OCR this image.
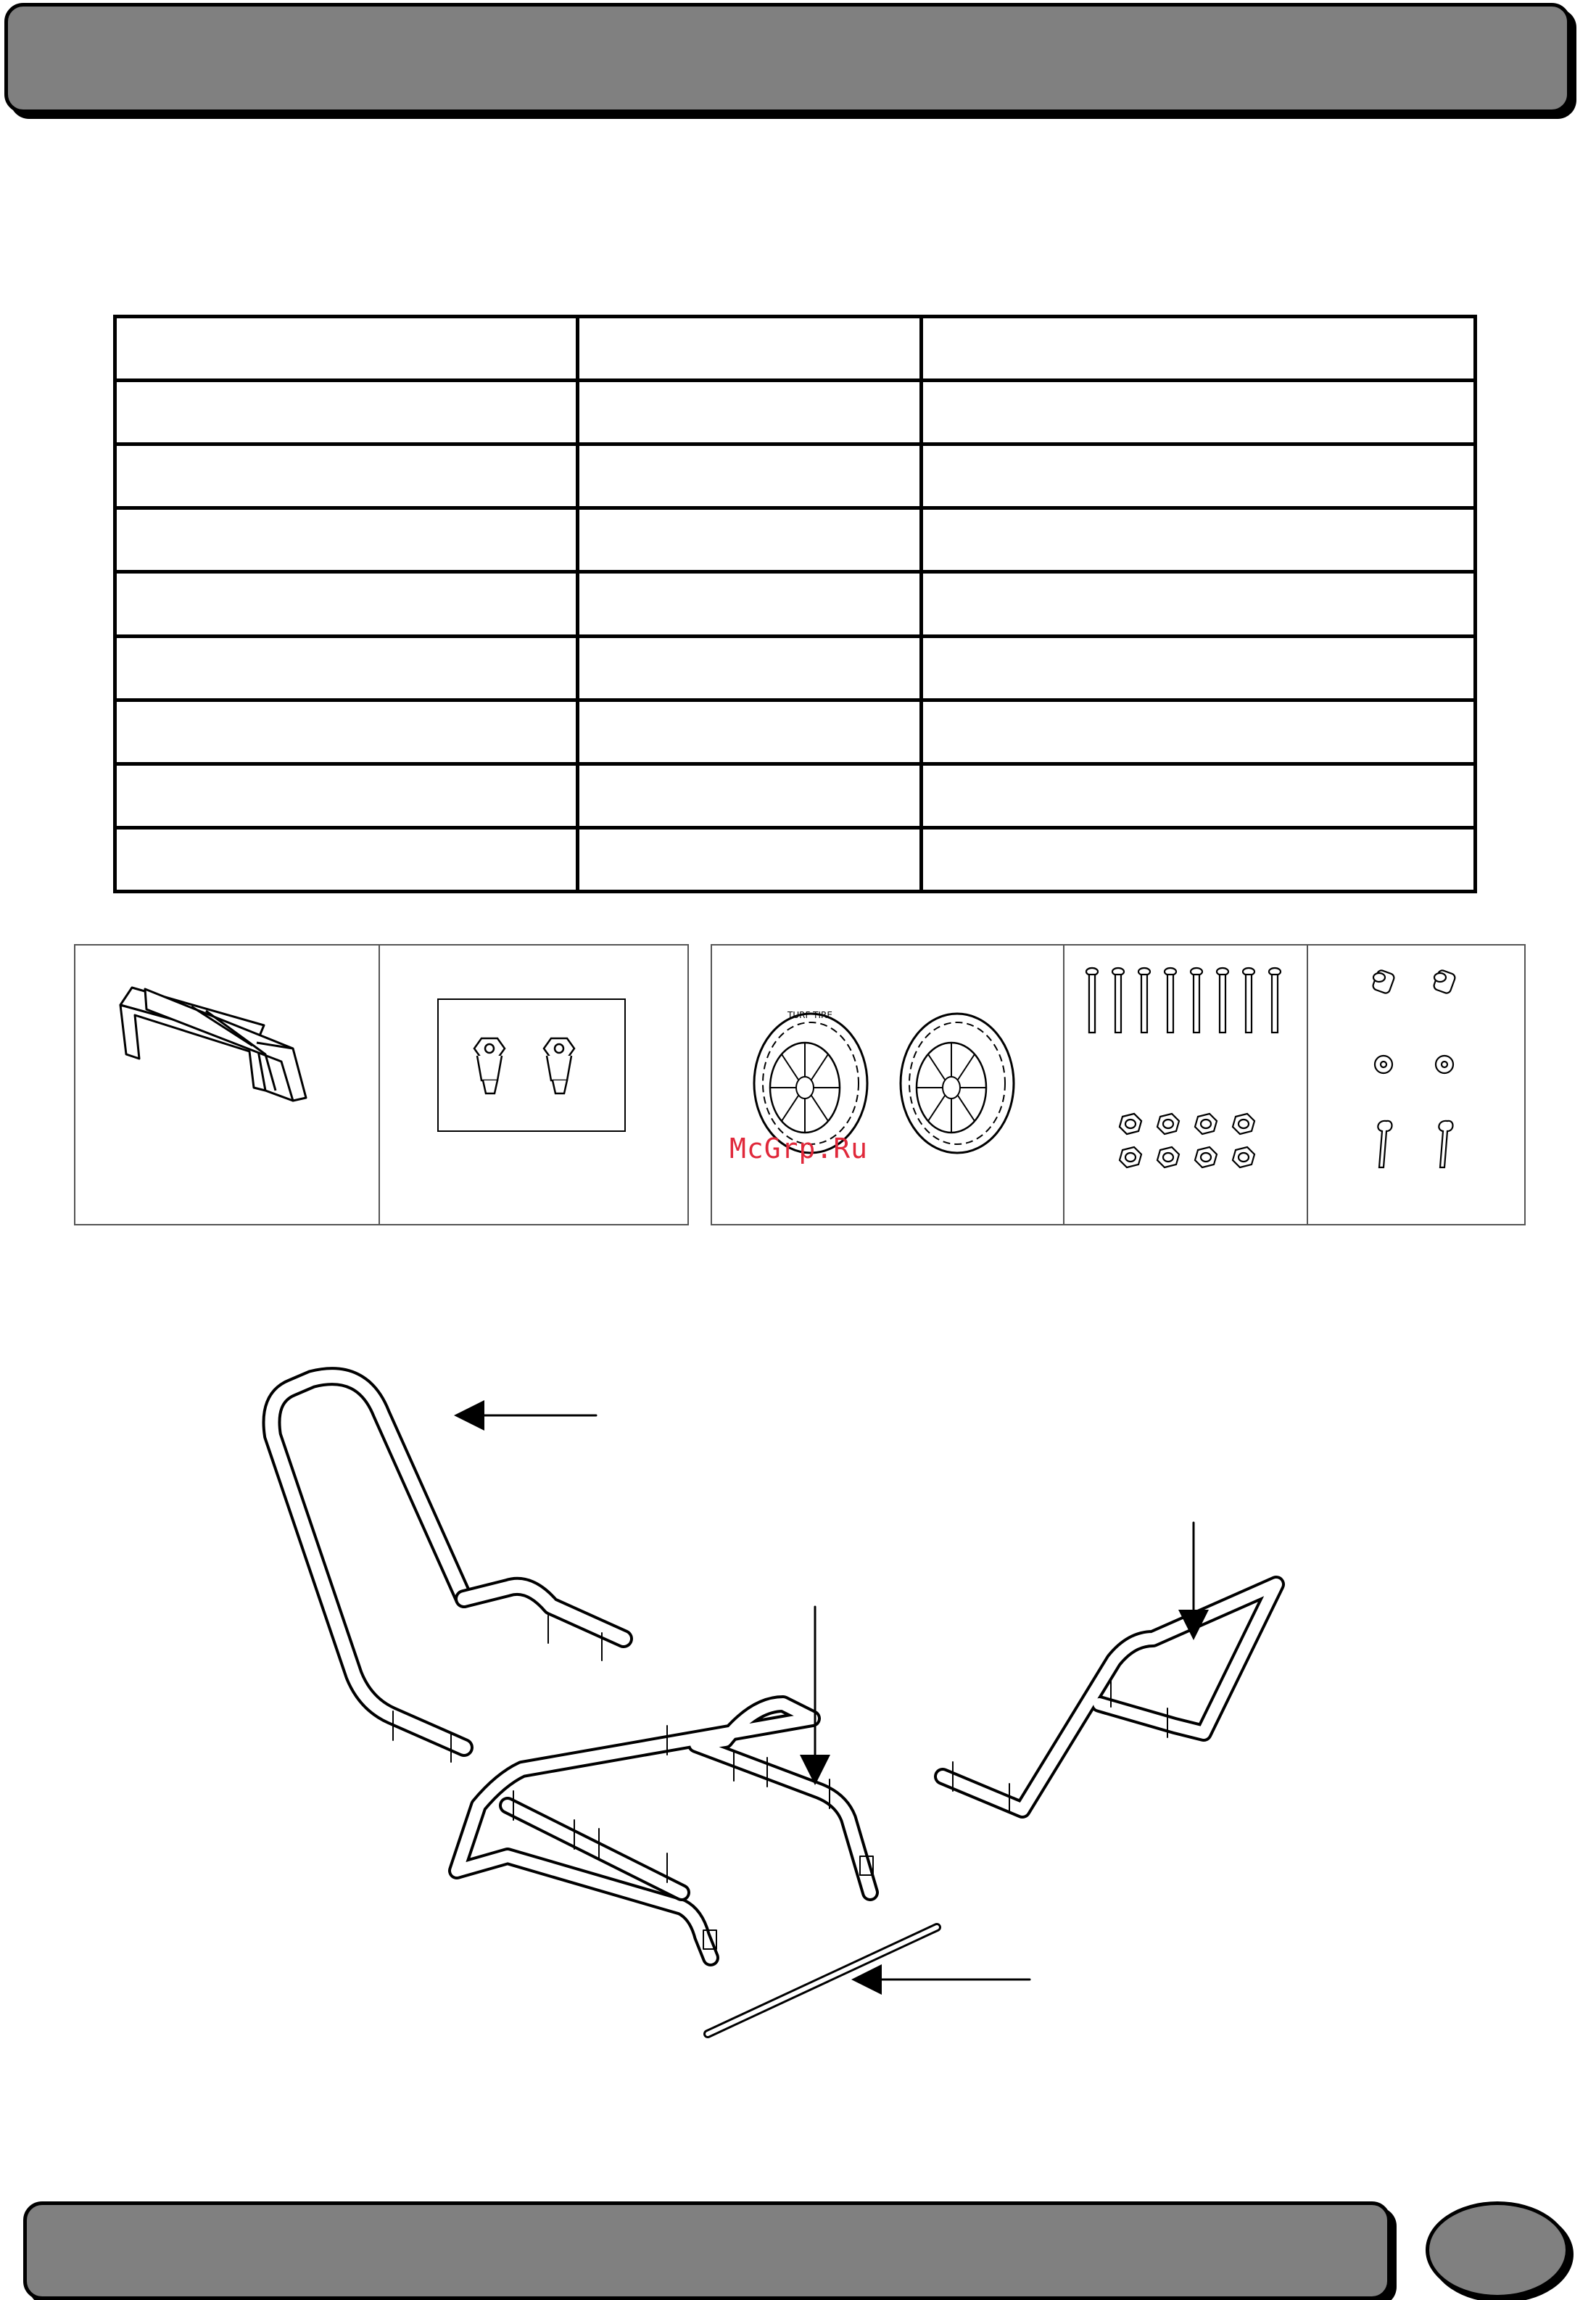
TURF TIRE
McGrp.Ru
